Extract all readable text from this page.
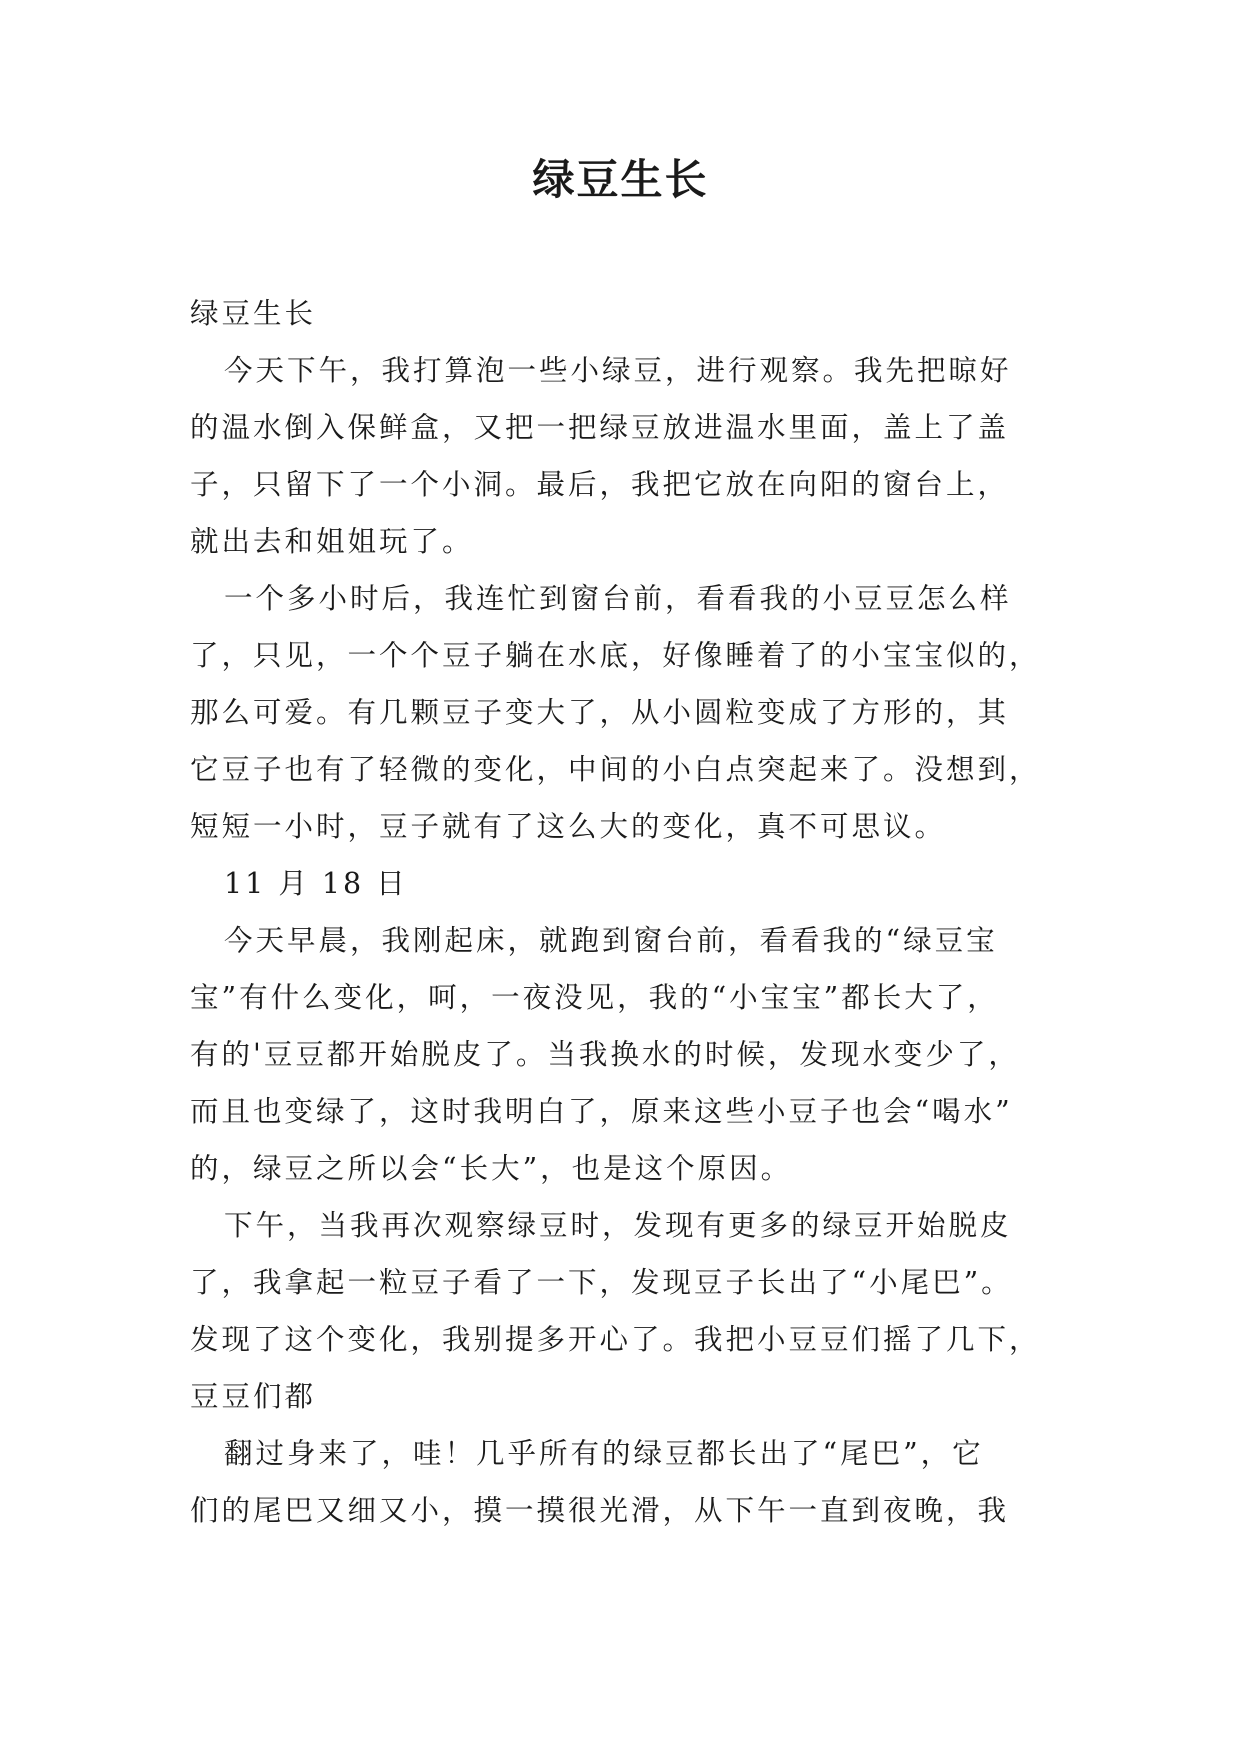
绿豆生长

绿豆生长

今天下午，我打算泡一些小绿豆，进行观察。我先把晾好

的温水倒入保鲜盒，又把一把绿豆放进温水里面，盖上了盖

子，只留下了一个小洞。最后，我把它放在向阳的窗台上，

就出去和姐姐玩了。

一个多小时后，我连忙到窗台前，看看我的小豆豆怎么样

了，只见，一个个豆子躺在水底，好像睡着了的小宝宝似的，

那么可爱。有几颗豆子变大了，从小圆粒变成了方形的，其

它豆子也有了轻微的变化，中间的小白点突起来了。没想到，

短短一小时，豆子就有了这么大的变化，真不可思议。

11 月 18 日

今天早晨，我刚起床，就跑到窗台前，看看我的“绿豆宝

宝”有什么变化，呵，一夜没见，我的“小宝宝”都长大了，

有的'豆豆都开始脱皮了。当我换水的时候，发现水变少了，

而且也变绿了，这时我明白了，原来这些小豆子也会“喝水”

的，绿豆之所以会“长大”，也是这个原因。

下午，当我再次观察绿豆时，发现有更多的绿豆开始脱皮

了，我拿起一粒豆子看了一下，发现豆子长出了“小尾巴”。

发现了这个变化，我别提多开心了。我把小豆豆们摇了几下，

豆豆们都

翻过身来了，哇！几乎所有的绿豆都长出了“尾巴”，它

们的尾巴又细又小，摸一摸很光滑，从下午一直到夜晚，我
